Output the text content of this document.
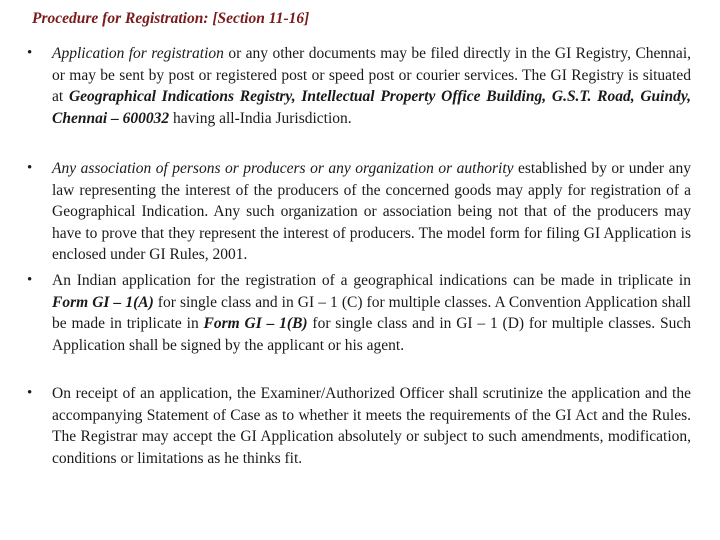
Procedure for Registration: [Section 11-16]
• Application for registration or any other documents may be filed directly in the GI Registry, Chennai, or may be sent by post or registered post or speed post or courier services. The GI Registry is situated at Geographical Indications Registry, Intellectual Property Office Building, G.S.T. Road, Guindy, Chennai – 600032 having all-India Jurisdiction.

• Any association of persons or producers or any organization or authority established by or under any law representing the interest of the producers of the concerned goods may apply for registration of a Geographical Indication. Any such organization or association being not that of the producers may have to prove that they represent the interest of producers. The model form for filing GI Application is enclosed under GI Rules, 2001.

• An Indian application for the registration of a geographical indications can be made in triplicate in Form GI – 1(A) for single class and in GI – 1 (C) for multiple classes. A Convention Application shall be made in triplicate in Form GI – 1(B) for single class and in GI – 1 (D) for multiple classes. Such Application shall be signed by the applicant or his agent.

• On receipt of an application, the Examiner/Authorized Officer shall scrutinize the application and the accompanying Statement of Case as to whether it meets the requirements of the GI Act and the Rules. The Registrar may accept the GI Application absolutely or subject to such amendments, modification, conditions or limitations as he thinks fit.
